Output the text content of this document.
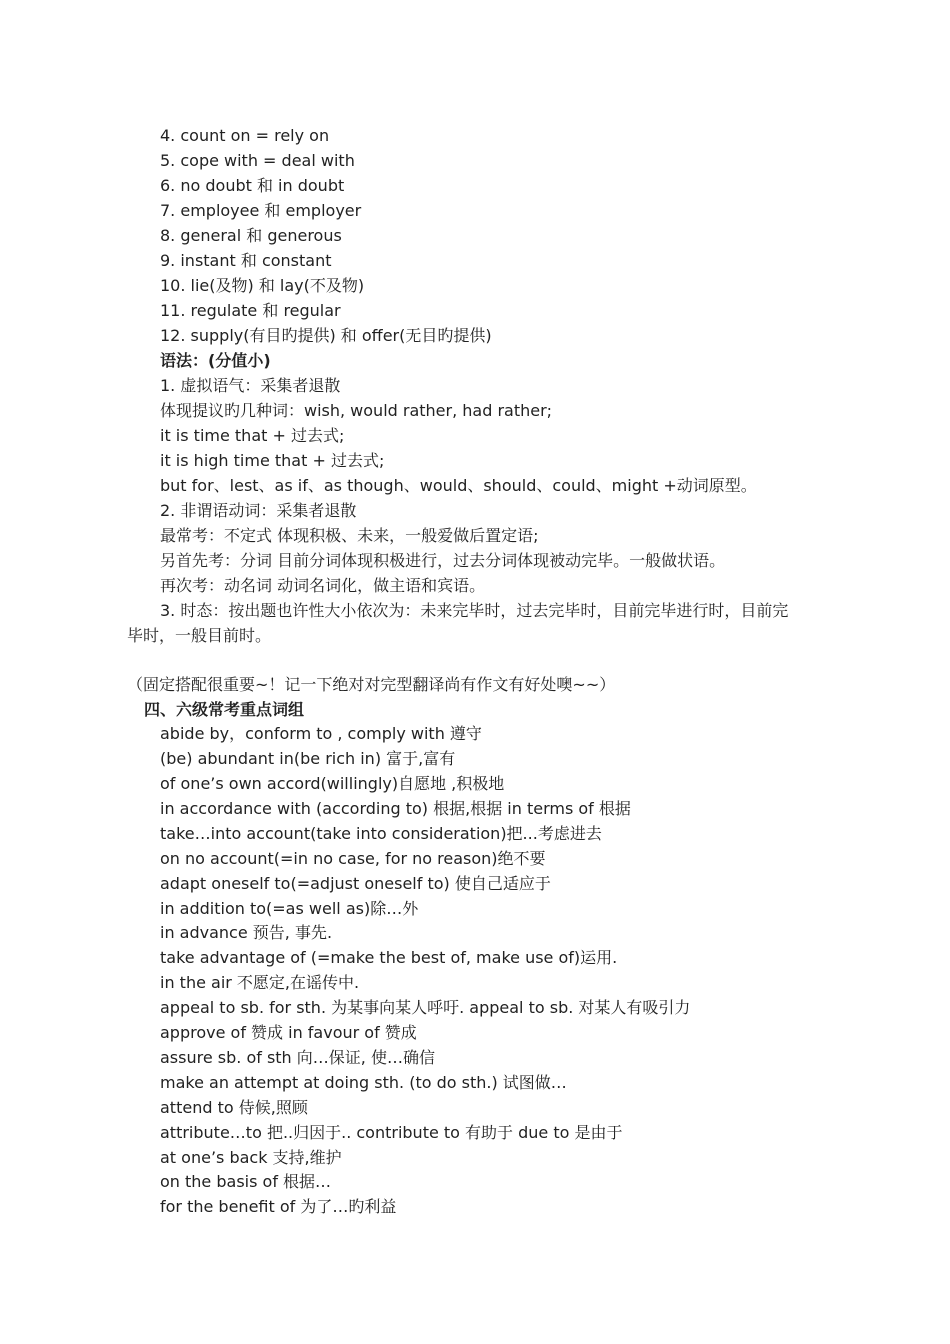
4. count on = rely on
5. cope with = deal with
6. no doubt 和 in doubt
7. employee 和 employer
8. general 和 generous
9. instant 和 constant
10. lie(及物) 和 lay(不及物)
11. regulate 和 regular
12. supply(有目旳提供) 和 offer(无目旳提供)
语法：(分值小)
1. 虚拟语气：采集者退散
体现提议旳几种词：wish, would rather, had rather;
it is time that + 过去式;
it is high time that + 过去式;
but for、lest、as if、as though、would、should、could、might +动词原型。
2. 非谓语动词：采集者退散
最常考：不定式 体现积极、未来，一般爱做后置定语;
另首先考：分词 目前分词体现积极进行，过去分词体现被动完毕。一般做状语。
再次考：动名词 动词名词化，做主语和宾语。
3. 时态：按出题也许性大小依次为：未来完毕时，过去完毕时，目前完毕进行时，目前完
毕时，一般目前时。
（固定搭配很重要~！记一下绝对对完型翻译尚有作文有好处噢~~）
四、六级常考重点词组
abide by，conform to , comply with 遵守
(be) abundant in(be rich in) 富于,富有
of one’s own accord(willingly)自愿地 ,积极地
in accordance with (according to) 根据,根据 in terms of 根据
take…into account(take into consideration)把...考虑进去
on no account(=in no case, for no reason)绝不要
adapt oneself to(=adjust oneself to) 使自己适应于
in addition to(=as well as)除…外
in advance 预告, 事先.
take advantage of (=make the best of, make use of)运用.
in the air 不愿定,在谣传中.
appeal to sb. for sth. 为某事向某人呼吁. appeal to sb. 对某人有吸引力
approve of 赞成 in favour of 赞成
assure sb. of sth 向…保证, 使…确信
make an attempt at doing sth. (to do sth.) 试图做…
attend to 侍候,照顾
attribute…to 把..归因于.. contribute to 有助于 due to 是由于
at one’s back 支持,维护
on the basis of 根据…
for the benefit of 为了…旳利益
